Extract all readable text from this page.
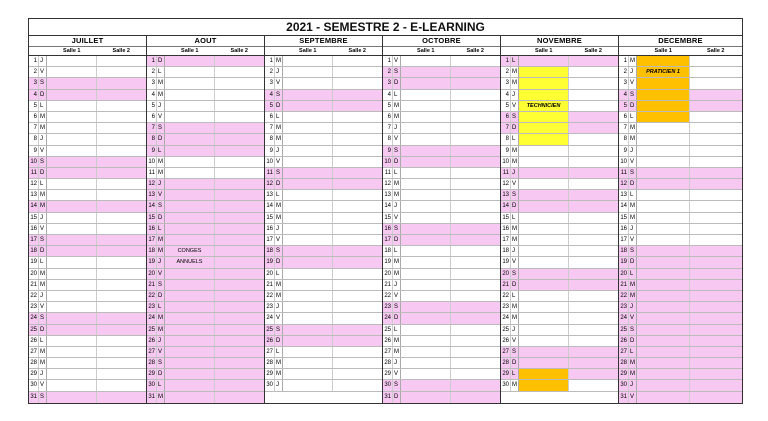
2021 - SEMESTRE 2 - E-LEARNING
JUILLET
Salle 1	Salle 2
1 J
2 V
3 S
4 D
5 L
6 M
7 M
8 J
9 V
10 S
11 D
12 L
13 M
14 M
15 J
16 V
17 S
18 D
19 L
20 M
21 M
22 J
23 V
24 S
25 D
26 L
27 M
28 M
29 J
30 V
31 S
AOUT
Salle 1	Salle 2
1 D
2 L
3 M
4 M
5 J
6 V
7 S
8 D
9 L
10 M
11 M
12 J
13 V
14 S
15 D
16 L
17 M
18 M	CONGES
19 J	ANNUELS
20 V
21 S
22 D
23 L
24 M
25 M
26 J
27 V
28 S
29 D
30 L
31 M
SEPTEMBRE
Salle 1	Salle 2
1 M
2 J
3 V
4 S
5 D
6 L
7 M
8 M
9 J
10 V
11 S
12 D
13 L
14 M
15 M
16 J
17 V
18 S
19 D
20 L
21 M
22 M
23 J
24 V
25 S
26 D
27 L
28 M
29 M
30 J
OCTOBRE
Salle 1	Salle 2
1 V
2 S
3 D
4 L
5 M
6 M
7 J
8 V
9 S
10 D
11 L
12 M
13 M
14 J
15 V
16 S
17 D
18 L
19 M
20 M
21 J
22 V
23 S
24 D
25 L
26 M
27 M
28 J
29 V
30 S
31 D
NOVEMBRE
Salle 1	Salle 2
1 L
2 M
3 M
4 J
5 V	TECHNICIEN
6 S
7 D
8 L
9 M
10 M
11 J
12 V
13 S
14 D
15 L
16 M
17 M
18 J
19 V
20 S
21 D
22 L
23 M
24 M
25 J
26 V
27 S
28 D
29 L
30 M
DECEMBRE
Salle 1	Salle 2
1 M
2 J	PRATICIEN 1
3 V
4 S
5 D
6 L
7 M
8 M
9 J
10 V
11 S
12 D
13 L
14 M
15 M
16 J
17 V
18 S
19 D
20 L
21 M
22 M
23 J
24 V
25 S
26 D
27 L
28 M
29 M
30 J
31 V
